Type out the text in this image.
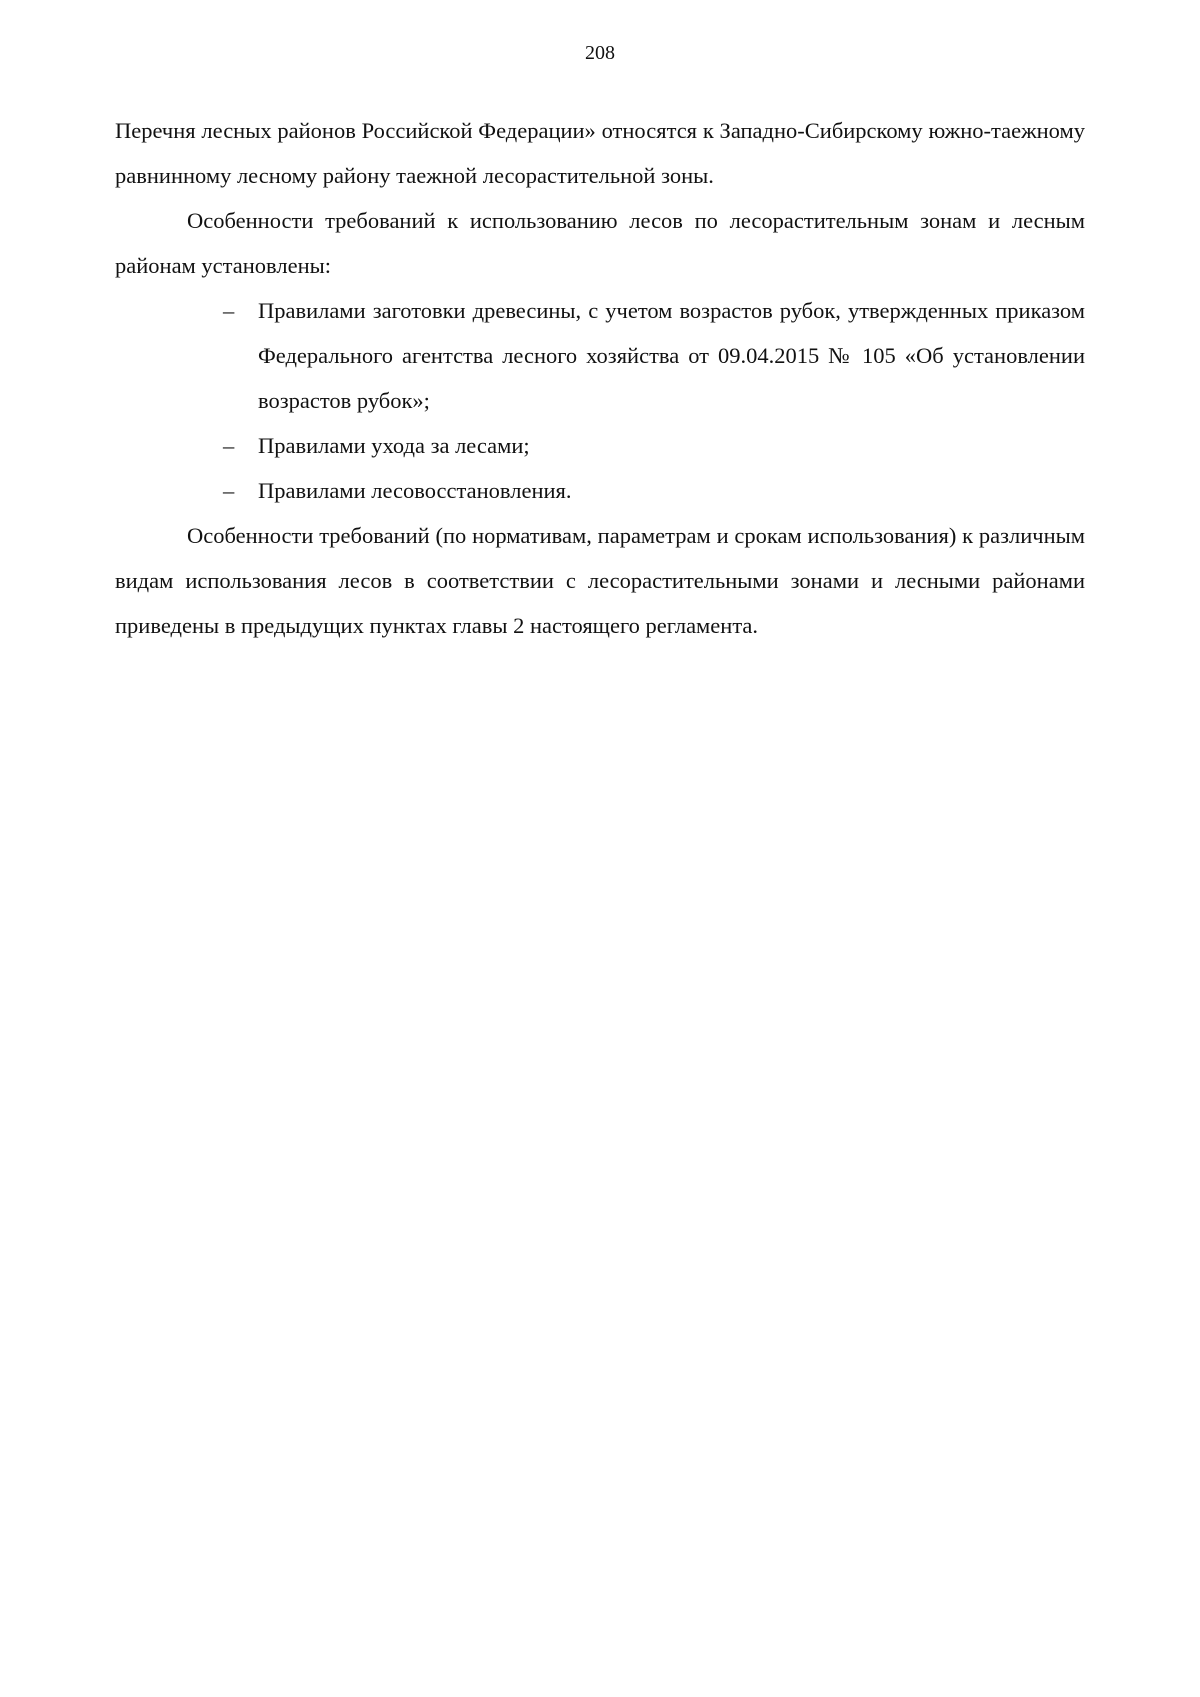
208

Перечня лесных районов Российской Федерации» относятся к Западно-Сибирскому южно-таежному равнинному лесному району таежной лесорастительной зоны.

Особенности требований к использованию лесов по лесорастительным зонам и лесным районам установлены:

– Правилами заготовки древесины, с учетом возрастов рубок, утвержденных приказом Федерального агентства лесного хозяйства от 09.04.2015 № 105 «Об установлении возрастов рубок»;
– Правилами ухода за лесами;
– Правилами лесовосстановления.

Особенности требований (по нормативам, параметрам и срокам использования) к различным видам использования лесов в соответствии с лесорастительными зонами и лесными районами приведены в предыдущих пунктах главы 2 настоящего регламента.
